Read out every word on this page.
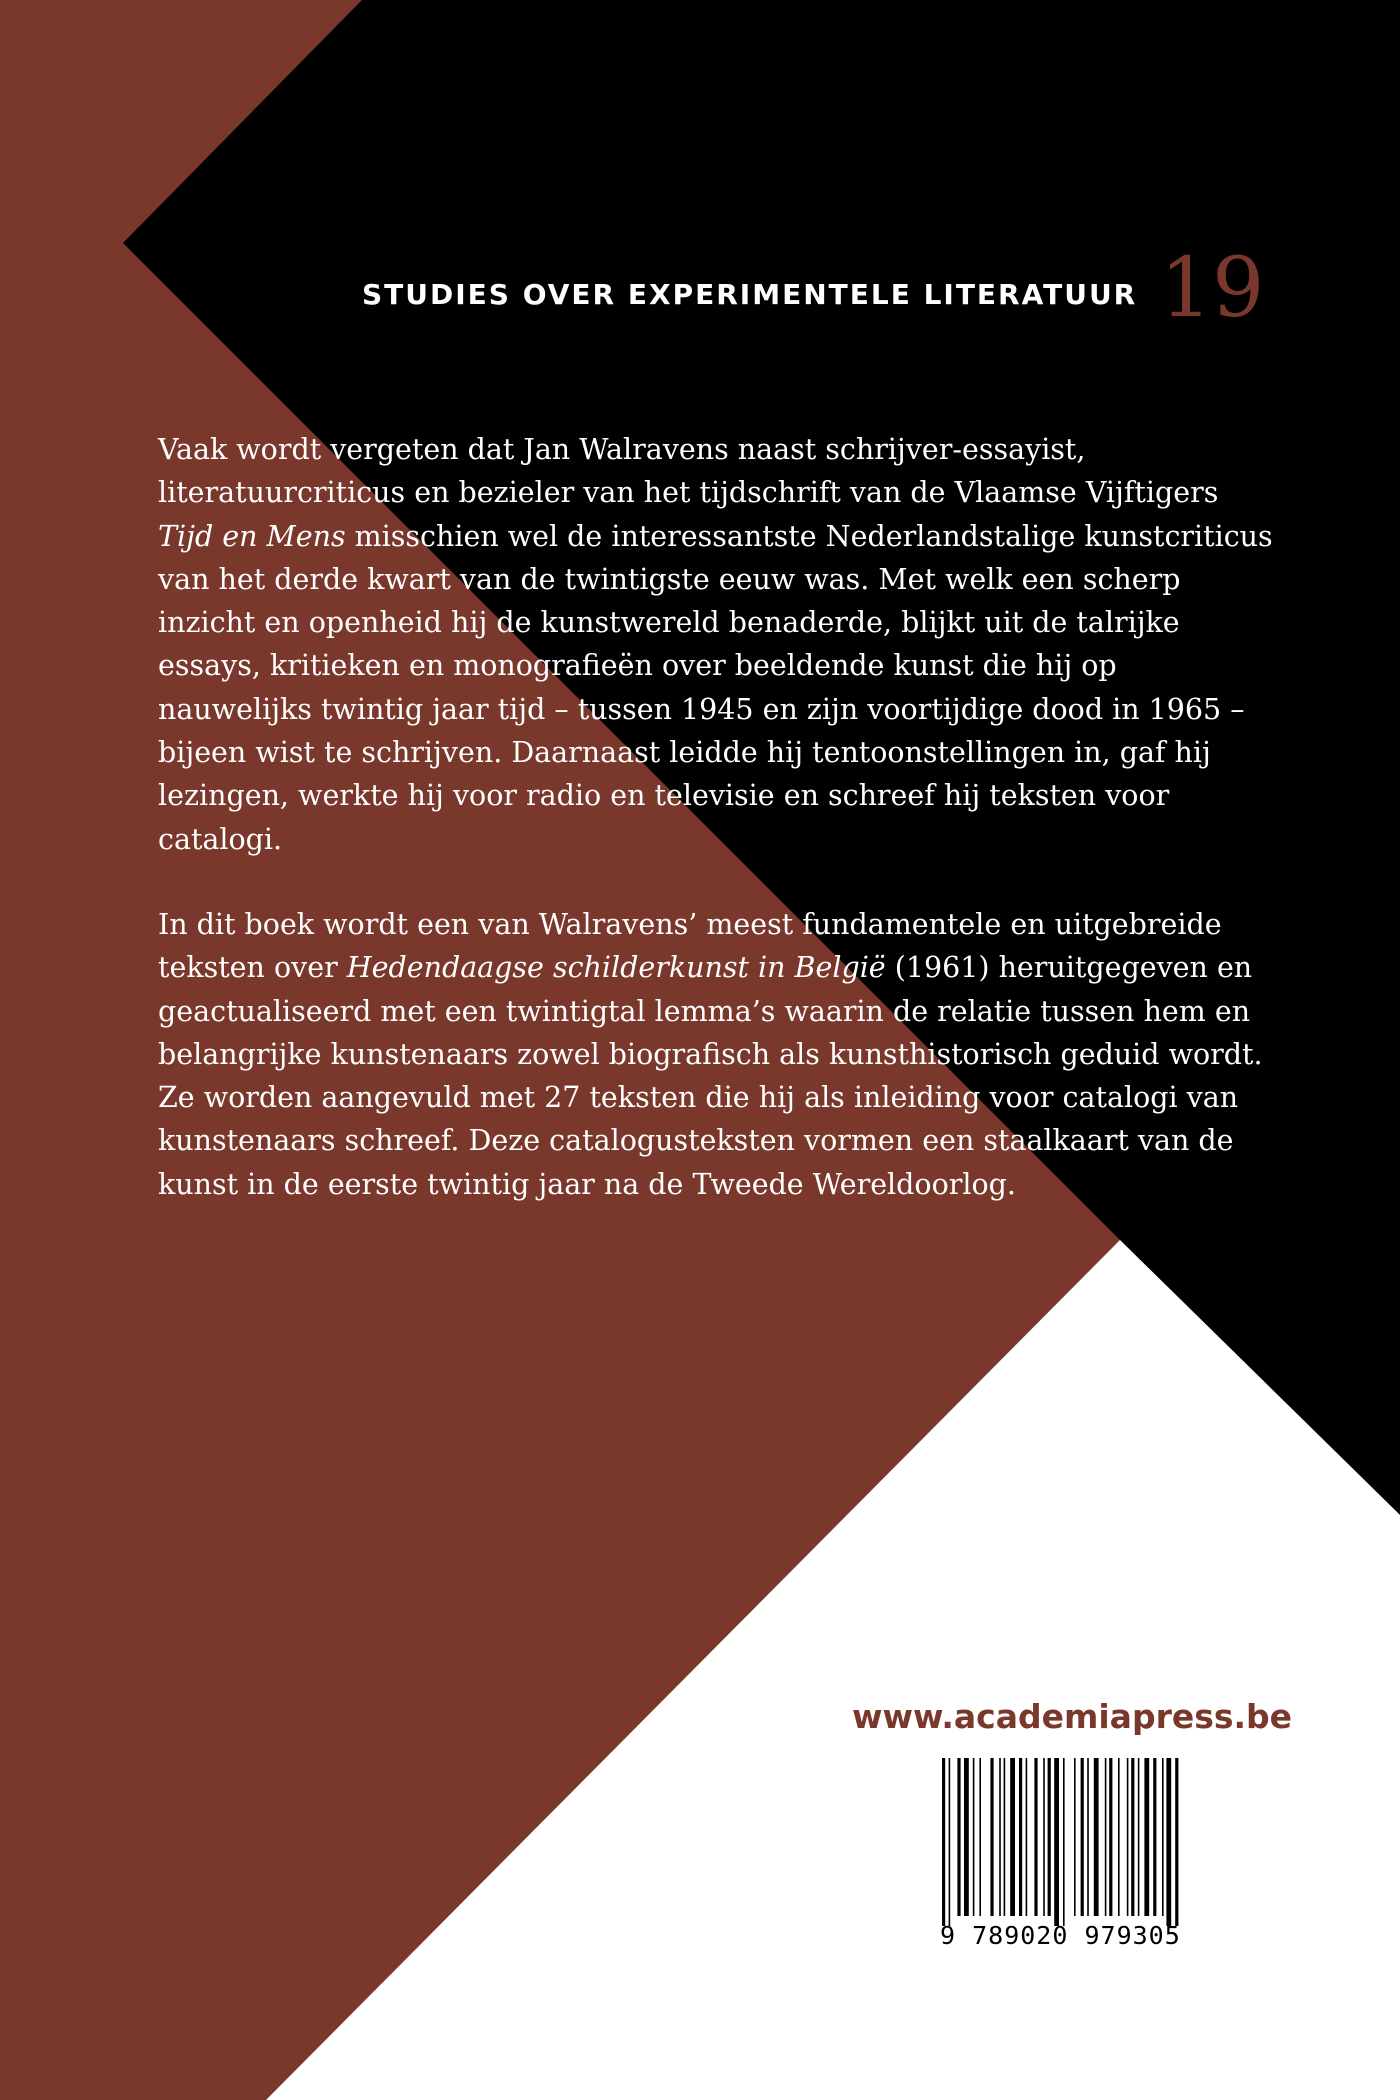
STUDIES OVER EXPERIMENTELE LITERATUUR 19

Vaak wordt vergeten dat Jan Walravens naast schrijver-essayist, literatuurcriticus en bezieler van het tijdschrift van de Vlaamse Vijftigers Tijd en Mens misschien wel de interessantste Nederlandstalige kunstcriticus van het derde kwart van de twintigste eeuw was. Met welk een scherp inzicht en openheid hij de kunstwereld benaderde, blijkt uit de talrijke essays, kritieken en monografieën over beeldende kunst die hij op nauwelijks twintig jaar tijd – tussen 1945 en zijn voortijdige dood in 1965 – bijeen wist te schrijven. Daarnaast leidde hij tentoonstellingen in, gaf hij lezingen, werkte hij voor radio en televisie en schreef hij teksten voor catalogi.

In dit boek wordt een van Walravens’ meest fundamentele en uitgebreide teksten over Hedendaagse schilderkunst in België (1961) heruitgegeven en geactualiseerd met een twintigtal lemma’s waarin de relatie tussen hem en belangrijke kunstenaars zowel biografisch als kunsthistorisch geduid wordt. Ze worden aangevuld met 27 teksten die hij als inleiding voor catalogi van kunstenaars schreef. Deze catalogusteksten vormen een staalkaart van de kunst in de eerste twintig jaar na de Tweede Wereldoorlog.

www.academiapress.be
9 789020 979305
